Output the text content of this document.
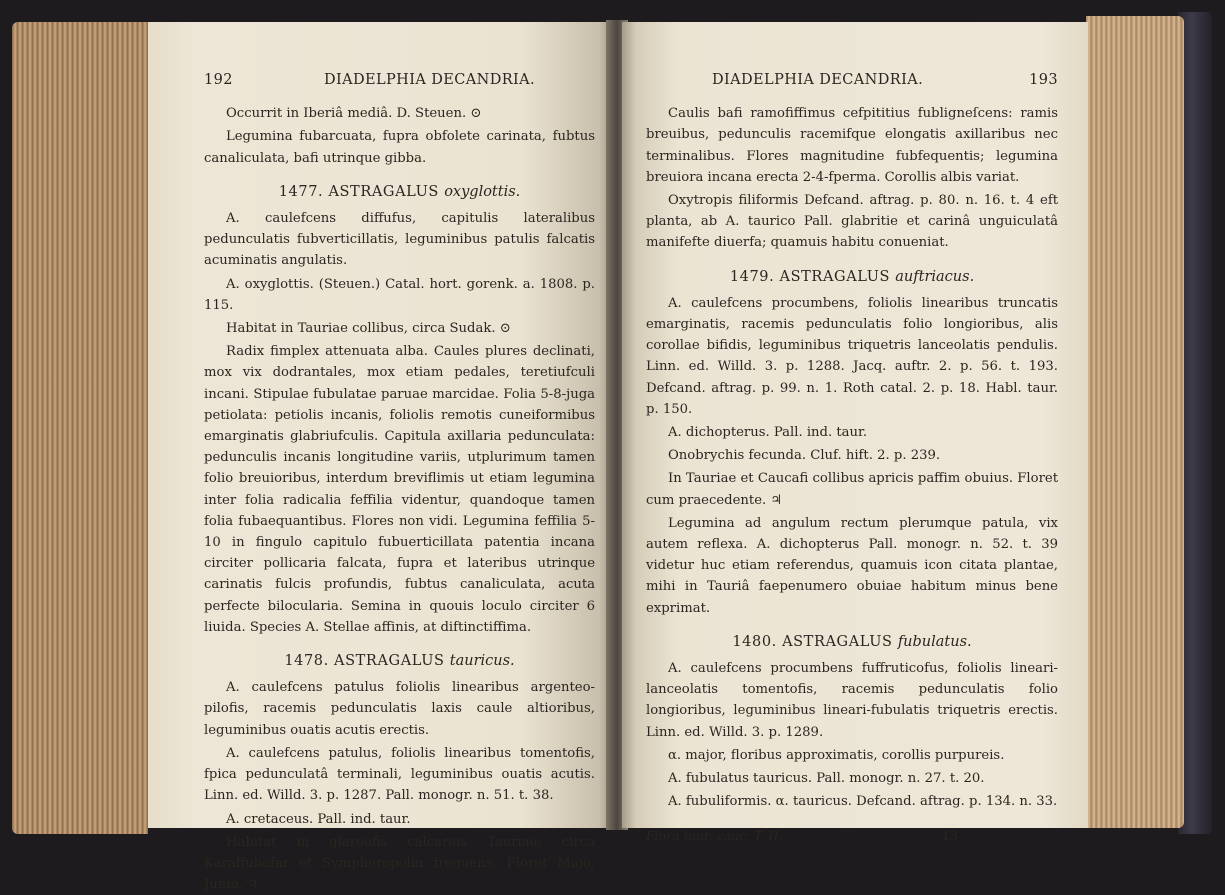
192	DIADELPHIA DECANDRIA.

Occurrit in Iberiâ mediâ. D. Steuen. ⊙

Legumina fubarcuata, fupra obfolete carinata, fubtus canaliculata, bafi utrinque gibba.

1477. ASTRAGALUS oxyglottis.

A. caulefcens diffufus, capitulis lateralibus pedunculatis fubverticillatis, leguminibus patulis falcatis acuminatis angulatis.

A. oxyglottis. (Steuen.) Catal. hort. gorenk. a. 1808. p. 115.

Habitat in Tauriae collibus, circa Sudak. ⊙

Radix fimplex attenuata alba. Caules plures declinati, mox vix dodrantales, mox etiam pedales, teretiufculi incani. Stipulae fubulatae paruae marcidae. Folia 5-8-juga petiolata: petiolis incanis, foliolis remotis cuneiformibus emarginatis glabriufculis. Capitula axillaria pedunculata: pedunculis incanis longitudine variis, utplurimum tamen folio breuioribus, interdum breviflimis ut etiam legumina inter folia radicalia feffilia videntur, quandoque tamen folia fubaequantibus. Flores non vidi. Legumina feffilia 5-10 in fingulo capitulo fubuerticillata patentia incana circiter pollicaria falcata, fupra et lateribus utrinque carinatis fulcis profundis, fubtus canaliculata, acuta perfecte bilocularia. Semina in quouis loculo circiter 6 liuida. Species A. Stellae affinis, at diftinctiffima.

1478. ASTRAGALUS tauricus.

A. caulefcens patulus foliolis linearibus argenteo-pilofis, racemis pedunculatis laxis caule altioribus, leguminibus ouatis acutis erectis.

A. caulefcens patulus, foliolis linearibus tomentofis, fpica pedunculatâ terminali, leguminibus ouatis acutis. Linn. ed. Willd. 3. p. 1287. Pall. monogr. n. 51. t. 38.

A. cretaceus. Pall. ind. taur.

Habitat in glareofis calcareis Tauriae; circa Karaffubafar et Sympheropolin frequens. Floret Majo, Junio. ♃

DIADELPHIA DECANDRIA.	193

Caulis bafi ramofiffimus cefpititius fubligneſcens: ramis breuibus, pedunculis racemifque elongatis axillaribus nec terminalibus. Flores magnitudine fubfequentis; legumina breuiora incana erecta 2-4-fperma. Corollis albis variat.

Oxytropis filiformis Defcand. aftrag. p. 80. n. 16. t. 4 eft planta, ab A. taurico Pall. glabritie et carinâ unguiculatâ manifefte diuerfa; quamuis habitu conueniat.

1479. ASTRAGALUS auftriacus.

A. caulefcens procumbens, foliolis linearibus truncatis emarginatis, racemis pedunculatis folio longioribus, alis corollae bifidis, leguminibus triquetris lanceolatis pendulis. Linn. ed. Willd. 3. p. 1288. Jacq. auftr. 2. p. 56. t. 193. Defcand. aftrag. p. 99. n. 1. Roth catal. 2. p. 18. Habl. taur. p. 150.

A. dichopterus. Pall. ind. taur.

Onobrychis fecunda. Cluf. hift. 2. p. 239.

In Tauriae et Caucafi collibus apricis paffim obuius. Floret cum praecedente. ♃

Legumina ad angulum rectum plerumque patula, vix autem reflexa. A. dichopterus Pall. monogr. n. 52. t. 39 videtur huc etiam referendus, quamuis icon citata plantae, mihi in Tauriâ faepenumero obuiae habitum minus bene exprimat.

1480. ASTRAGALUS fubulatus.

A. caulefcens procumbens fuffruticofus, foliolis lineari-lanceolatis tomentofis, racemis pedunculatis folio longioribus, leguminibus lineari-fubulatis triquetris erectis. Linn. ed. Willd. 3. p. 1289.

α. major, floribus approximatis, corollis purpureis.

A. fubulatus tauricus. Pall. monogr. n. 27. t. 20.

A. fubuliformis. α. tauricus. Defcand. aftrag. p. 134. n. 33.

Flora taur. cauc. T. II.	13
